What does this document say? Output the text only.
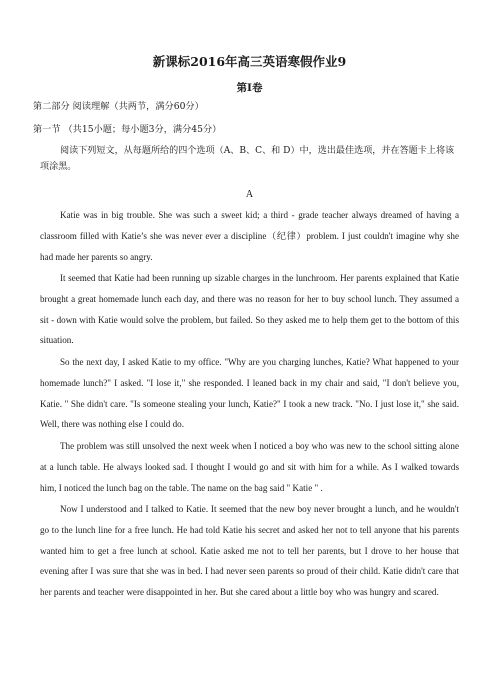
新课标2016年高三英语寒假作业9
第Ⅰ卷
第二部分 阅读理解（共两节，满分60分）
第一节 （共15小题；每小题3分，满分45分）
阅读下列短文，从每题所给的四个选项（A、B、C、和 D）中，选出最佳选项，并在答题卡上将该项涂黑。
A
Katie was in big trouble. She was such a sweet kid; a third - grade teacher always dreamed of having a classroom filled with Katie’s she was never ever a discipline（纪律）problem. I just couldn't imagine why she had made her parents so angry.
It seemed that Katie had been running up sizable charges in the lunchroom. Her parents explained that Katie brought a great homemade lunch each day, and there was no reason for her to buy school lunch. They assumed a sit - down with Katie would solve the problem, but failed. So they asked me to help them get to the bottom of this situation.
So the next day, I asked Katie to my office. "Why are you charging lunches, Katie? What happened to your homemade lunch?" I asked. "I lose it," she responded. I leaned back in my chair and said, "I don't believe you, Katie. " She didn't care. "Is someone stealing your lunch, Katie?" I took a new track. "No. I just lose it," she said. Well, there was nothing else I could do.
The problem was still unsolved the next week when I noticed a boy who was new to the school sitting alone at a lunch table. He always looked sad. I thought I would go and sit with him for a while. As I walked towards him, I noticed the lunch bag on the table. The name on the bag said " Katie " .
Now I understood and I talked to Katie. It seemed that the new boy never brought a lunch, and he wouldn't go to the lunch line for a free lunch. He had told Katie his secret and asked her not to tell anyone that his parents wanted him to get a free lunch at school. Katie asked me not to tell her parents, but I drove to her house that evening after I was sure that she was in bed. I had never seen parents so proud of their child. Katie didn't care that her parents and teacher were disappointed in her. But she cared about a little boy who was hungry and scared.
